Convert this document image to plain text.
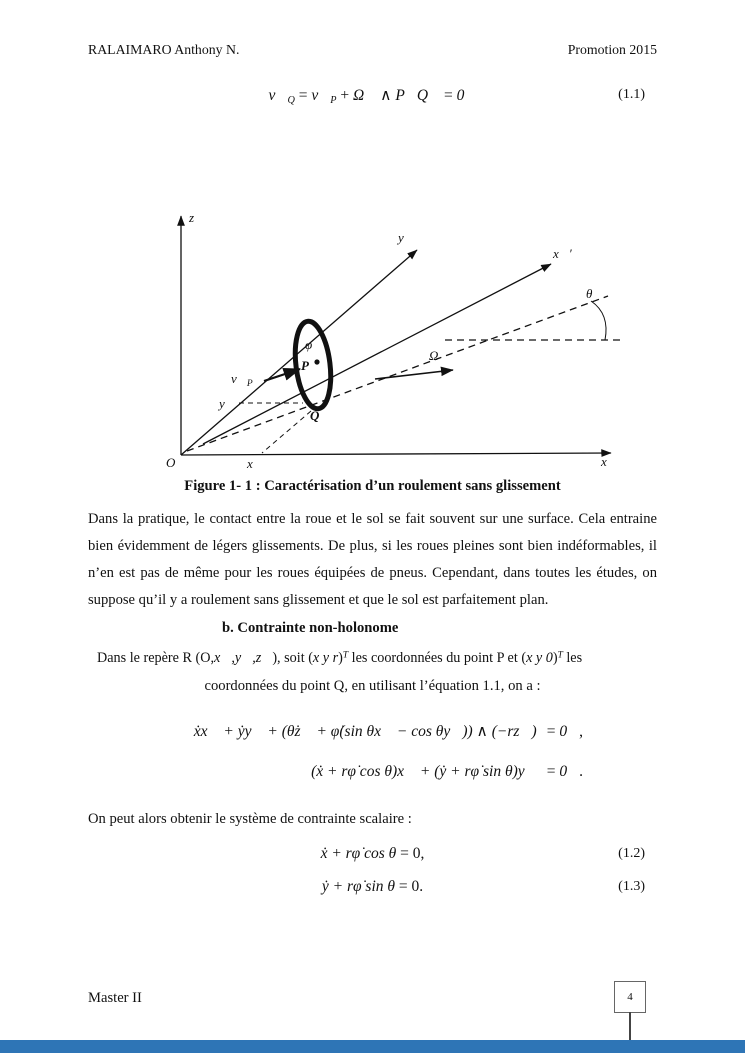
RALAIMARO Anthony N.	Promotion 2015
v⃗Q = v⃗P + Ω⃗ ∧ P⃗Q⃗ = 0⃗	(1.1)
z⃗
y⃗
x⃗′
x⃗
O
θ
Ω⃗
$v⃗_P$
P
Q
φ
y
x
Figure 1- 1 : Caractérisation d’un roulement sans glissement
Dans la pratique, le contact entre la roue et le sol se fait souvent sur une surface. Cela entraine bien évidemment de légers glissements. De plus, si les roues pleines sont bien indéformables, il n’en est pas de même pour les roues équipées de pneus. Cependant, dans toutes les études, on suppose qu’il y a roulement sans glissement et que le sol est parfaitement plan.
b. Contrainte non-holonome
Dans le repère R (O,x⃗,y⃗,z⃗), soit (x y r)$^T$ les coordonnées du point P et (x y 0)$^T$ les
coordonnées du point Q, en utilisant l’équation 1.1, on a :
ẋx⃗ + ẏy⃗ + (θ̇z⃗ + φ̇(sin θx⃗ − cos θy⃗)) ∧ (−rz⃗) = 0⃗,
(ẋ + rφ̇ cos θ)x⃗ + (ẏ + rφ̇ sin θ)y⃗ = 0⃗.
On peut alors obtenir le système de contrainte scalaire :
ẋ + rφ̇ cos θ = 0,	(1.2)
ẏ + rφ̇ sin θ = 0.	(1.3)
Master II	4
